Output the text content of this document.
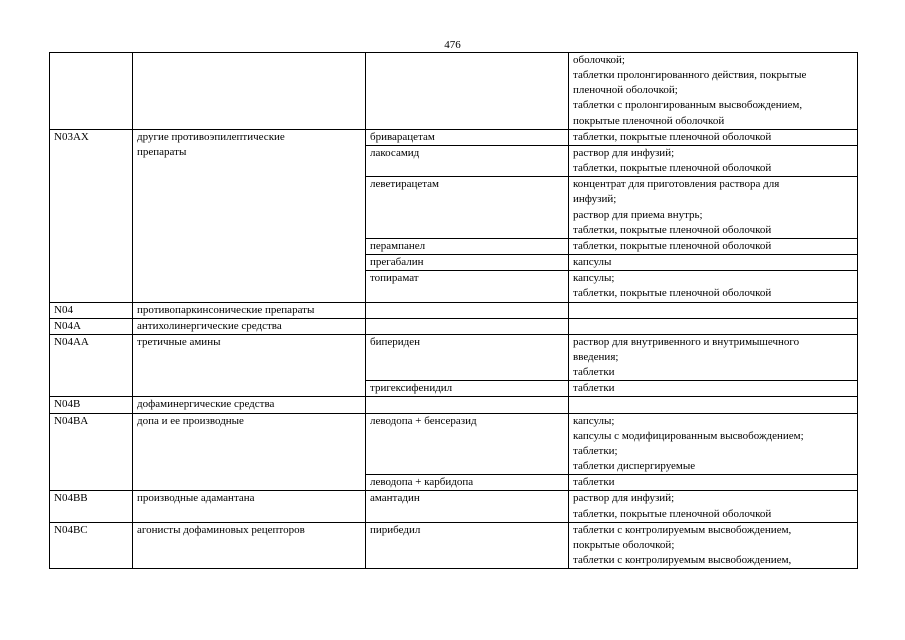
476

			оболочкой;
таблетки пролонгированного действия, покрытые
пленочной оболочкой;
таблетки с пролонгированным высвобождением,
покрытые пленочной оболочкой

N03AX	другие противоэпилептические
препараты	бриварацетам	таблетки, покрытые пленочной оболочкой

		лакосамид	раствор для инфузий;
таблетки, покрытые пленочной оболочкой

		леветирацетам	концентрат для приготовления раствора для
инфузий;
раствор для приема внутрь;
таблетки, покрытые пленочной оболочкой

		перампанел	таблетки, покрытые пленочной оболочкой

		прегабалин	капсулы

		топирамат	капсулы;
таблетки, покрытые пленочной оболочкой

N04	противопаркинсонические препараты		

N04A	антихолинергические средства		

N04AA	третичные амины	бипериден	раствор для внутривенного и внутримышечного
введения;
таблетки

		тригексифенидил	таблетки

N04B	дофаминергические средства		

N04BA	допа и ее производные	леводопа + бенсеразид	капсулы;
капсулы с модифицированным высвобождением;
таблетки;
таблетки диспергируемые

		леводопа + карбидопа	таблетки

N04BB	производные адамантана	амантадин	раствор для инфузий;
таблетки, покрытые пленочной оболочкой

N04BC	агонисты дофаминовых рецепторов	пирибедил	таблетки с контролируемым высвобождением,
покрытые оболочкой;
таблетки с контролируемым высвобождением,
